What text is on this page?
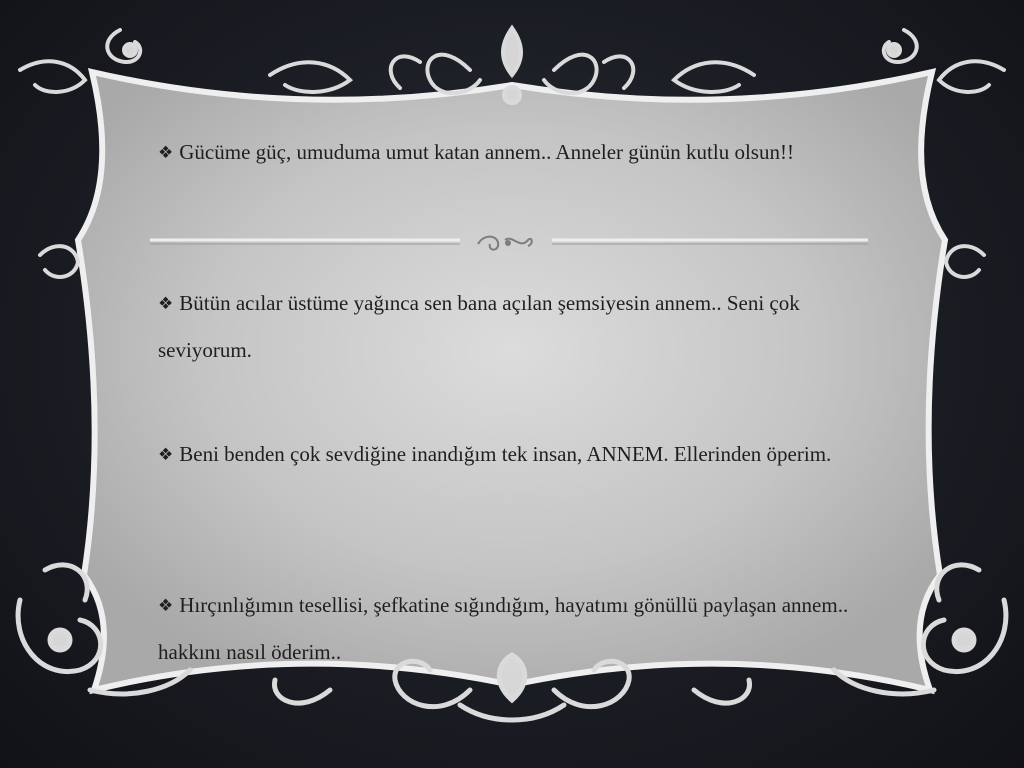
❖ Gücüme güç, umuduma umut katan annem.. Anneler günün kutlu olsun!!

❖ Bütün acılar üstüme yağınca sen bana açılan şemsiyesin annem.. Seni çok seviyorum.

❖ Beni benden çok sevdiğine inandığım tek insan, ANNEM. Ellerinden öperim.

❖ Hırçınlığımın tesellisi, şefkatine sığındığım, hayatımı gönüllü paylaşan annem.. hakkını nasıl öderim..
